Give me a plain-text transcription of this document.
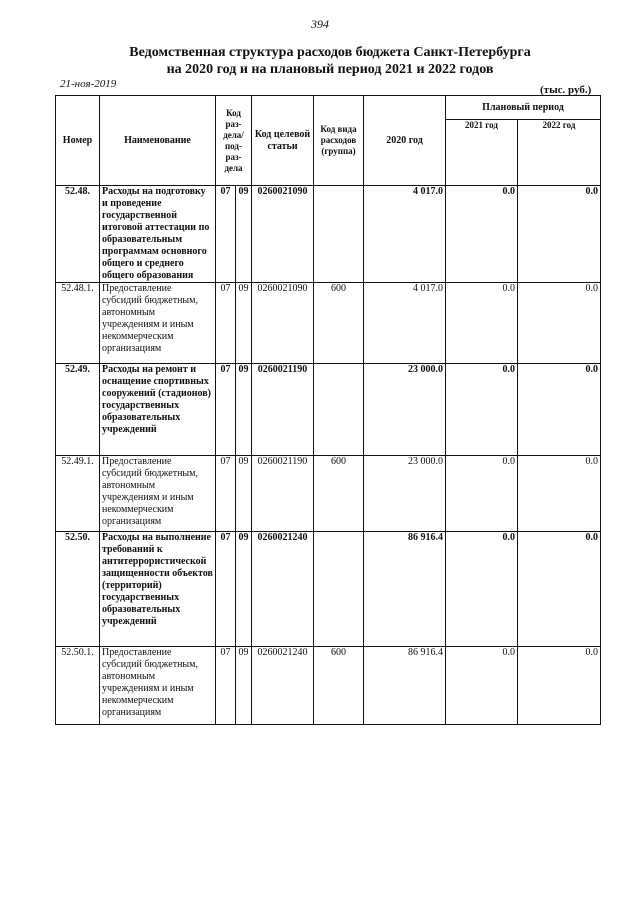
394
Ведомственная структура расходов бюджета Санкт-Петербурга
на 2020 год и на плановый период 2021 и 2022 годов
21-ноя-2019	(тыс. руб.)
Номер	Наименование	Код раз- дела/ под- раз- дела		Код целевой статьи	Код вида расходов (группа)	2020 год	Плановый период	
							2021 год	2022 год
52.48.	Расходы на подготовку и проведение государственной итоговой аттестации по образовательным программам основного общего и среднего общего образования	07	09	0260021090		4 017.0	0.0	0.0
52.48.1.	Предоставление субсидий бюджетным, автономным учреждениям и иным некоммерческим организациям	07	09	0260021090	600	4 017.0	0.0	0.0
52.49.	Расходы на ремонт и оснащение спортивных сооружений (стадионов) государственных образовательных учреждений	07	09	0260021190		23 000.0	0.0	0.0
52.49.1.	Предоставление субсидий бюджетным, автономным учреждениям и иным некоммерческим организациям	07	09	0260021190	600	23 000.0	0.0	0.0
52.50.	Расходы на выполнение требований к антитеррористической защищенности объектов (территорий) государственных образовательных учреждений	07	09	0260021240		86 916.4	0.0	0.0
52.50.1.	Предоставление субсидий бюджетным, автономным учреждениям и иным некоммерческим организациям	07	09	0260021240	600	86 916.4	0.0	0.0
